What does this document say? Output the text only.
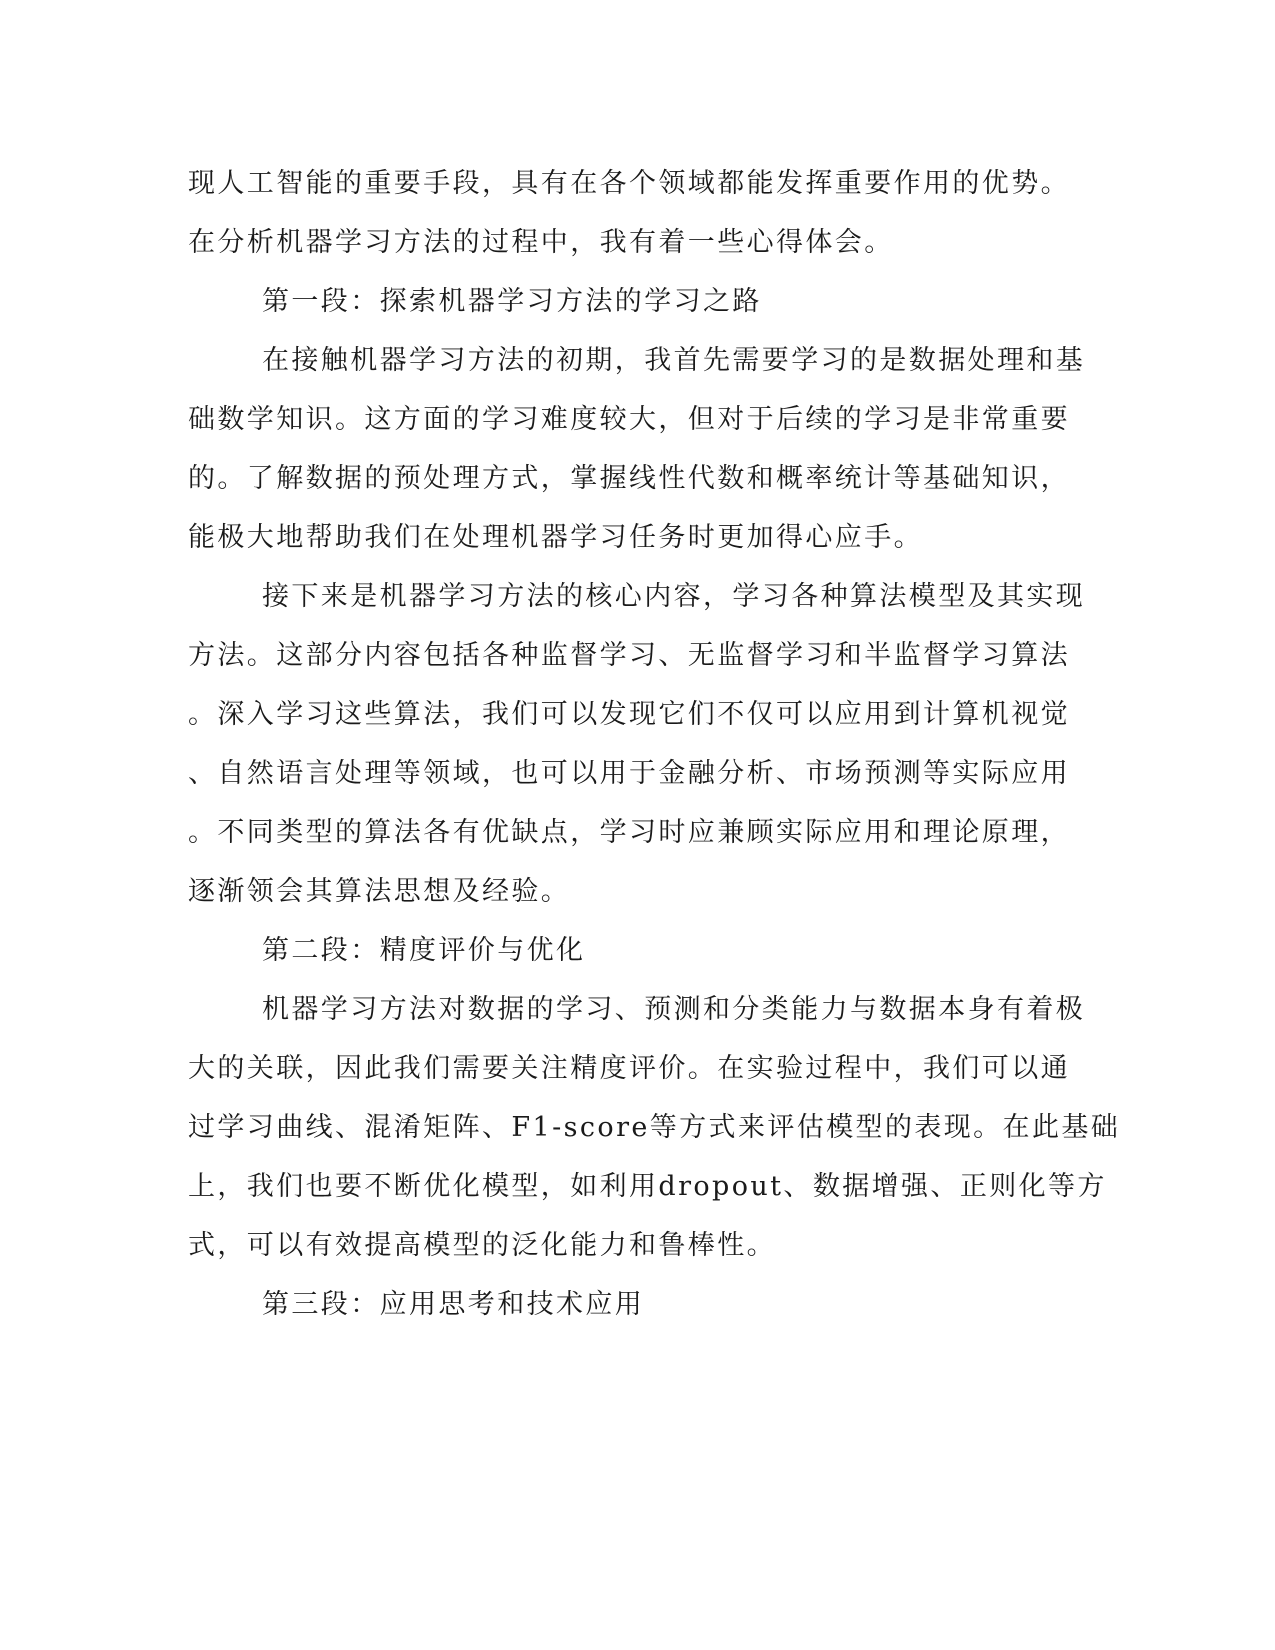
现人工智能的重要手段，具有在各个领域都能发挥重要作用的优势。
在分析机器学习方法的过程中，我有着一些心得体会。
第一段：探索机器学习方法的学习之路
在接触机器学习方法的初期，我首先需要学习的是数据处理和基
础数学知识。这方面的学习难度较大，但对于后续的学习是非常重要
的。了解数据的预处理方式，掌握线性代数和概率统计等基础知识，
能极大地帮助我们在处理机器学习任务时更加得心应手。
接下来是机器学习方法的核心内容，学习各种算法模型及其实现
方法。这部分内容包括各种监督学习、无监督学习和半监督学习算法
。深入学习这些算法，我们可以发现它们不仅可以应用到计算机视觉
、自然语言处理等领域，也可以用于金融分析、市场预测等实际应用
。不同类型的算法各有优缺点，学习时应兼顾实际应用和理论原理，
逐渐领会其算法思想及经验。
第二段：精度评价与优化
机器学习方法对数据的学习、预测和分类能力与数据本身有着极
大的关联，因此我们需要关注精度评价。在实验过程中，我们可以通
过学习曲线、混淆矩阵、F1-score等方式来评估模型的表现。在此基础
上，我们也要不断优化模型，如利用dropout、数据增强、正则化等方
式，可以有效提高模型的泛化能力和鲁棒性。
第三段：应用思考和技术应用
